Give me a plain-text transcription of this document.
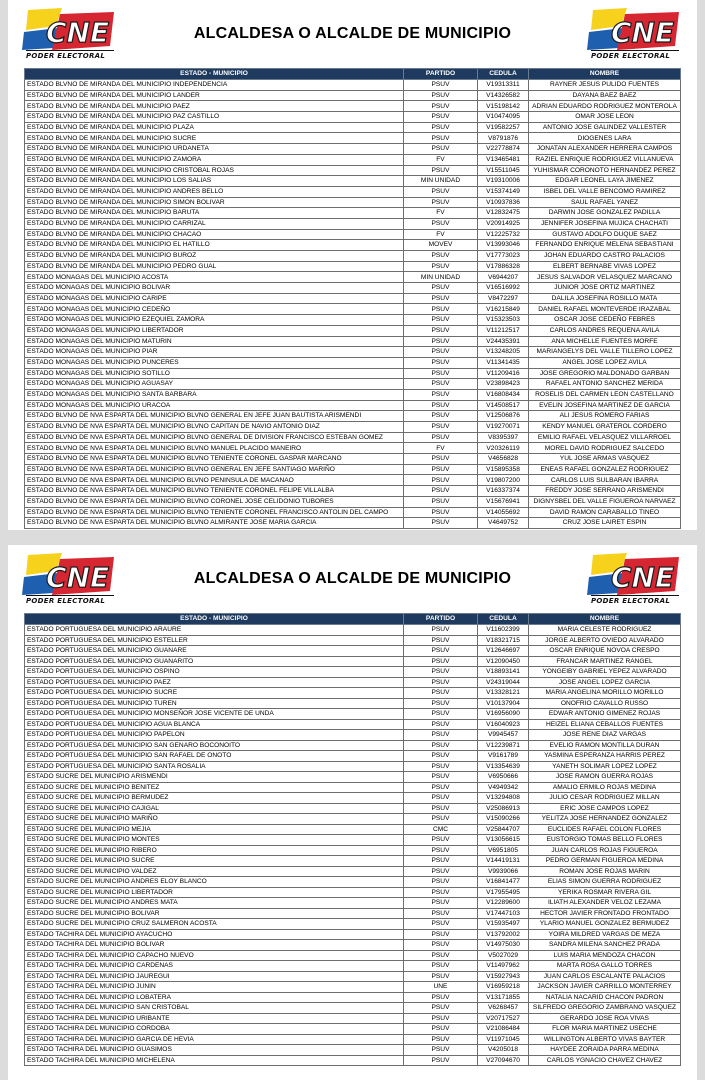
CNE
PODER ELECTORAL
ALCALDESA O ALCALDE DE MUNICIPIO	CNE
PODER ELECTORAL
ESTADO - MUNICIPIO	PARTIDO	CEDULA	NOMBRE
ESTADO BLVNO DE MIRANDA DEL MUNICIPIO INDEPENDENCIA	PSUV	V19313311	RAYNER JESUS PULIDO FUENTES
ESTADO BLVNO DE MIRANDA DEL MUNICIPIO LANDER	PSUV	V14326582	DAYANA BAEZ BAEZ
ESTADO BLVNO DE MIRANDA DEL MUNICIPIO PAEZ	PSUV	V15198142	ADRIAN EDUARDO RODRIGUEZ MONTEROLA
ESTADO BLVNO DE MIRANDA DEL MUNICIPIO PAZ CASTILLO	PSUV	V10474095	OMAR JOSE LEON
ESTADO BLVNO DE MIRANDA DEL MUNICIPIO PLAZA	PSUV	V19582257	ANTONIO JOSE GALINDEZ VALLESTER
ESTADO BLVNO DE MIRANDA DEL MUNICIPIO SUCRE	PSUV	V8791876	DIOGENES LARA
ESTADO BLVNO DE MIRANDA DEL MUNICIPIO URDANETA	PSUV	V22778874	JONATAN ALEXANDER HERRERA CAMPOS
ESTADO BLVNO DE MIRANDA DEL MUNICIPIO ZAMORA	FV	V13465481	RAZIEL ENRIQUE RODRIGUEZ VILLANUEVA
ESTADO BLVNO DE MIRANDA DEL MUNICIPIO CRISTOBAL ROJAS	PSUV	V15511045	YUHISMAR CORONOTO HERNANDEZ PEREZ
ESTADO BLVNO DE MIRANDA DEL MUNICIPIO LOS SALIAS	MIN UNIDAD	V19310006	EDGAR LEONEL LAYA JIMENEZ
ESTADO BLVNO DE MIRANDA DEL MUNICIPIO ANDRES BELLO	PSUV	V15374149	ISBEL DEL VALLE BENCOMO RAMIREZ
ESTADO BLVNO DE MIRANDA DEL MUNICIPIO SIMON BOLIVAR	PSUV	V10937836	SAUL RAFAEL YANEZ
ESTADO BLVNO DE MIRANDA DEL MUNICIPIO BARUTA	FV	V12832475	DARWIN JOSE GONZALEZ PADILLA
ESTADO BLVNO DE MIRANDA DEL MUNICIPIO CARRIZAL	PSUV	V20914925	JENNIFER JOSEFINA MUJICA CHACHATI
ESTADO BLVNO DE MIRANDA DEL MUNICIPIO CHACAO	FV	V12225732	GUSTAVO ADOLFO DUQUE SAEZ
ESTADO BLVNO DE MIRANDA DEL MUNICIPIO EL HATILLO	MOVEV	V13993046	FERNANDO ENRIQUE MELENA SEBASTIANI
ESTADO BLVNO DE MIRANDA DEL MUNICIPIO BUROZ	PSUV	V17773023	JOHAN EDUARDO CASTRO PALACIOS
ESTADO BLVNO DE MIRANDA DEL MUNICIPIO PEDRO GUAL	PSUV	V17886328	ELBERT BERNABE VIVAS LOPEZ
ESTADO MONAGAS DEL MUNICIPIO ACOSTA	MIN UNIDAD	V6944207	JESUS SALVADOR VELASQUEZ MARCANO
ESTADO MONAGAS DEL MUNICIPIO BOLIVAR	PSUV	V16516992	JUNIOR JOSE ORTIZ MARTINEZ
ESTADO MONAGAS DEL MUNICIPIO CARIPE	PSUV	V8472297	DALILA JOSEFINA ROSILLO MATA
ESTADO MONAGAS DEL MUNICIPIO CEDEÑO	PSUV	V16215849	DANIEL RAFAEL MONTEVERDE IRAZABAL
ESTADO MONAGAS DEL MUNICIPIO EZEQUIEL ZAMORA	PSUV	V15323503	OSCAR JOSE CEDEÑO FEBRES
ESTADO MONAGAS DEL MUNICIPIO LIBERTADOR	PSUV	V11212517	CARLOS ANDRES REQUENA AVILA
ESTADO MONAGAS DEL MUNICIPIO MATURIN	PSUV	V24435391	ANA MICHELLE FUENTES MORFE
ESTADO MONAGAS DEL MUNICIPIO PIAR	PSUV	V13248205	MARIANGELYS DEL VALLE TILLERO LOPEZ
ESTADO MONAGAS DEL MUNICIPIO PUNCERES	PSUV	V11341435	ANGEL JOSE LOPEZ AVILA
ESTADO MONAGAS DEL MUNICIPIO SOTILLO	PSUV	V11209416	JOSE GREGORIO MALDONADO GARBAN
ESTADO MONAGAS DEL MUNICIPIO AGUASAY	PSUV	V23898423	RAFAEL ANTONIO SANCHEZ MERIDA
ESTADO MONAGAS DEL MUNICIPIO SANTA BARBARA	PSUV	V16808434	ROSELIS DEL CARMEN LEON CASTELLANO
ESTADO MONAGAS DEL MUNICIPIO URACOA	PSUV	V14508517	EVELIN JOSEFINA MARTINEZ DE GARCIA
ESTADO BLVNO DE NVA ESPARTA DEL MUNICIPIO BLVNO GENERAL EN JEFE JUAN BAUTISTA ARISMENDI	PSUV	V12506876	ALI JESUS ROMERO FARIAS
ESTADO BLVNO DE NVA ESPARTA DEL MUNICIPIO BLVNO CAPITAN DE NAVIO ANTONIO DIAZ	PSUV	V19270071	KENDY MANUEL GRATEROL CORDERO
ESTADO BLVNO DE NVA ESPARTA DEL MUNICIPIO BLVNO GENERAL DE DIVISION FRANCISCO ESTEBAN GOMEZ	PSUV	V8395397	EMILIO RAFAEL VELASQUEZ VILLARROEL
ESTADO BLVNO DE NVA ESPARTA DEL MUNICIPIO BLVNO MANUEL PLACIDO MANEIRO	FV	V20326119	MOREL DAVID RODRIGUEZ SALCEDO
ESTADO BLVNO DE NVA ESPARTA DEL MUNICIPIO BLVNO TENIENTE CORONEL GASPAR MARCANO	PSUV	V4656828	YUL JOSE ARMAS VASQUEZ
ESTADO BLVNO DE NVA ESPARTA DEL MUNICIPIO BLVNO GENERAL EN JEFE SANTIAGO MARIÑO	PSUV	V15895358	ENEAS RAFAEL GONZALEZ RODRIGUEZ
ESTADO BLVNO DE NVA ESPARTA DEL MUNICIPIO BLVNO PENINSULA DE MACANAO	PSUV	V19807200	CARLOS LUIS SULBARAN IBARRA
ESTADO BLVNO DE NVA ESPARTA DEL MUNICIPIO BLVNO TENIENTE CORONEL FELIPE VILLALBA	PSUV	V16337374	FREDDY JOSE SERRANO ARISMENDI
ESTADO BLVNO DE NVA ESPARTA DEL MUNICIPIO BLVNO CORONEL JOSE CELIDONIO TUBORES	PSUV	V15676941	DIGNYSBEL DEL VALLE FIGUEROA NARVAEZ
ESTADO BLVNO DE NVA ESPARTA DEL MUNICIPIO BLVNO TENIENTE CORONEL FRANCISCO ANTOLIN DEL CAMPO	PSUV	V14055692	DAVID RAMON CARABALLO TINEO
ESTADO BLVNO DE NVA ESPARTA DEL MUNICIPIO BLVNO ALMIRANTE JOSE MARIA GARCIA	PSUV	V4649752	CRUZ JOSE LAIRET ESPIN
CNE
PODER ELECTORAL
ALCALDESA O ALCALDE DE MUNICIPIO	CNE
PODER ELECTORAL
ESTADO - MUNICIPIO	PARTIDO	CEDULA	NOMBRE
ESTADO PORTUGUESA DEL MUNICIPIO ARAURE	PSUV	V11602399	MARIA CELESTE RODRIGUEZ
ESTADO PORTUGUESA DEL MUNICIPIO ESTELLER	PSUV	V18321715	JORGE ALBERTO OVIEDO ALVARADO
ESTADO PORTUGUESA DEL MUNICIPIO GUANARE	PSUV	V12646697	OSCAR ENRIQUE NOVOA CRESPO
ESTADO PORTUGUESA DEL MUNICIPIO GUANARITO	PSUV	V12090450	FRANCAR MARTINEZ RANGEL
ESTADO PORTUGUESA DEL MUNICIPIO OSPINO	PSUV	V18893141	YONGEIBY GABRIEL YEPEZ ALVARADO
ESTADO PORTUGUESA DEL MUNICIPIO PAEZ	PSUV	V24319044	JOSE ANGEL LOPEZ GARCIA
ESTADO PORTUGUESA DEL MUNICIPIO SUCRE	PSUV	V13328121	MARIA ANGELINA MORILLO MORILLO
ESTADO PORTUGUESA DEL MUNICIPIO TUREN	PSUV	V10137904	ONOFRIO CAVALLO RUSSO
ESTADO PORTUGUESA DEL MUNICIPIO MONSEÑOR JOSE VICENTE DE UNDA	PSUV	V16956090	EDWAR ANTONIO GIMENEZ ROJAS
ESTADO PORTUGUESA DEL MUNICIPIO AGUA BLANCA	PSUV	V16040923	HEIZEL ELIANA CEBALLOS FUENTES
ESTADO PORTUGUESA DEL MUNICIPIO PAPELON	PSUV	V9945457	JOSE RENE DIAZ VARGAS
ESTADO PORTUGUESA DEL MUNICIPIO SAN GENARO BOCONOITO	PSUV	V12239871	EVELIO RAMON MONTILLA DURAN
ESTADO PORTUGUESA DEL MUNICIPIO SAN RAFAEL DE ONOTO	PSUV	V9161789	YASMINA ESPERANZA HARRIS PEREZ
ESTADO PORTUGUESA DEL MUNICIPIO SANTA ROSALIA	PSUV	V13354639	YANETH SOLIMAR LOPEZ LOPEZ
ESTADO SUCRE DEL MUNICIPIO ARISMENDI	PSUV	V6950666	JOSE RAMON GUERRA ROJAS
ESTADO SUCRE DEL MUNICIPIO BENITEZ	PSUV	V4949342	AMALIO ERMILO ROJAS MEDINA
ESTADO SUCRE DEL MUNICIPIO BERMUDEZ	PSUV	V13294808	JULIO CESAR RODRIGUEZ MILLAN
ESTADO SUCRE DEL MUNICIPIO CAJIGAL	PSUV	V25086913	ERIC JOSE CAMPOS LOPEZ
ESTADO SUCRE DEL MUNICIPIO MARIÑO	PSUV	V15090266	YELITZA JOSE HERNANDEZ GONZALEZ
ESTADO SUCRE DEL MUNICIPIO MEJIA	CMC	V25844707	EUCLIDES RAFAEL COLON FLORES
ESTADO SUCRE DEL MUNICIPIO MONTES	PSUV	V13056615	EUSTORGIO TOMAS BELLO FLORES
ESTADO SUCRE DEL MUNICIPIO RIBERO	PSUV	V6951805	JUAN CARLOS ROJAS FIGUEROA
ESTADO SUCRE DEL MUNICIPIO SUCRE	PSUV	V14419131	PEDRO GERMAN FIGUEROA MEDINA
ESTADO SUCRE DEL MUNICIPIO VALDEZ	PSUV	V9939066	ROMAN JOSE ROJAS MARIN
ESTADO SUCRE DEL MUNICIPIO ANDRES ELOY BLANCO	PSUV	V16841477	ELIAS SIMON GUERRA RODRIGUEZ
ESTADO SUCRE DEL MUNICIPIO LIBERTADOR	PSUV	V17955495	YERIKA ROSMAR RIVERA GIL
ESTADO SUCRE DEL MUNICIPIO ANDRES MATA	PSUV	V12289600	ILIATH ALEXANDER VELOZ LEZAMA
ESTADO SUCRE DEL MUNICIPIO BOLIVAR	PSUV	V17447103	HECTOR JAVIER FRONTADO FRONTADO
ESTADO SUCRE DEL MUNICIPIO CRUZ SALMERON ACOSTA	PSUV	V15935497	YLARIO MANUEL GONZALEZ BERMUDEZ
ESTADO TACHIRA DEL MUNICIPIO AYACUCHO	PSUV	V13792002	YOIRA MILDRED VARGAS DE MEZA
ESTADO TACHIRA DEL MUNICIPIO BOLIVAR	PSUV	V14975030	SANDRA MILENA SANCHEZ PRADA
ESTADO TACHIRA DEL MUNICIPIO CAPACHO NUEVO	PSUV	V5027029	LUIS MARIA MENDOZA CHACON
ESTADO TACHIRA DEL MUNICIPIO CARDENAS	PSUV	V11497962	MARTA ROSA GALLO TORRES
ESTADO TACHIRA DEL MUNICIPIO JAUREGUI	PSUV	V15927943	JUAN CARLOS ESCALANTE PALACIOS
ESTADO TACHIRA DEL MUNICIPIO JUNIN	UNE	V16959218	JACKSON JAVIER CARRILLO MONTERREY
ESTADO TACHIRA DEL MUNICIPIO LOBATERA	PSUV	V13171855	NATALIA NACARID CHACON PADRON
ESTADO TACHIRA DEL MUNICIPIO SAN CRISTOBAL	PSUV	V6268457	SILFREDO GREGORIO ZAMBRANO VASQUEZ
ESTADO TACHIRA DEL MUNICIPIO URIBANTE	PSUV	V20717527	GERARDO JOSE ROA VIVAS
ESTADO TACHIRA DEL MUNICIPIO CORDOBA	PSUV	V21086484	FLOR MARIA MARTINEZ USECHE
ESTADO TACHIRA DEL MUNICIPIO GARCIA DE HEVIA	PSUV	V11971045	WILLINGTON ALBERTO VIVAS BAYTER
ESTADO TACHIRA DEL MUNICIPIO GUASIMOS	PSUV	V4205018	HAYDEE ZORAIDA PARRA MEDINA
ESTADO TACHIRA DEL MUNICIPIO MICHELENA	PSUV	V27094670	CARLOS YGNACIO CHAVEZ CHAVEZ
